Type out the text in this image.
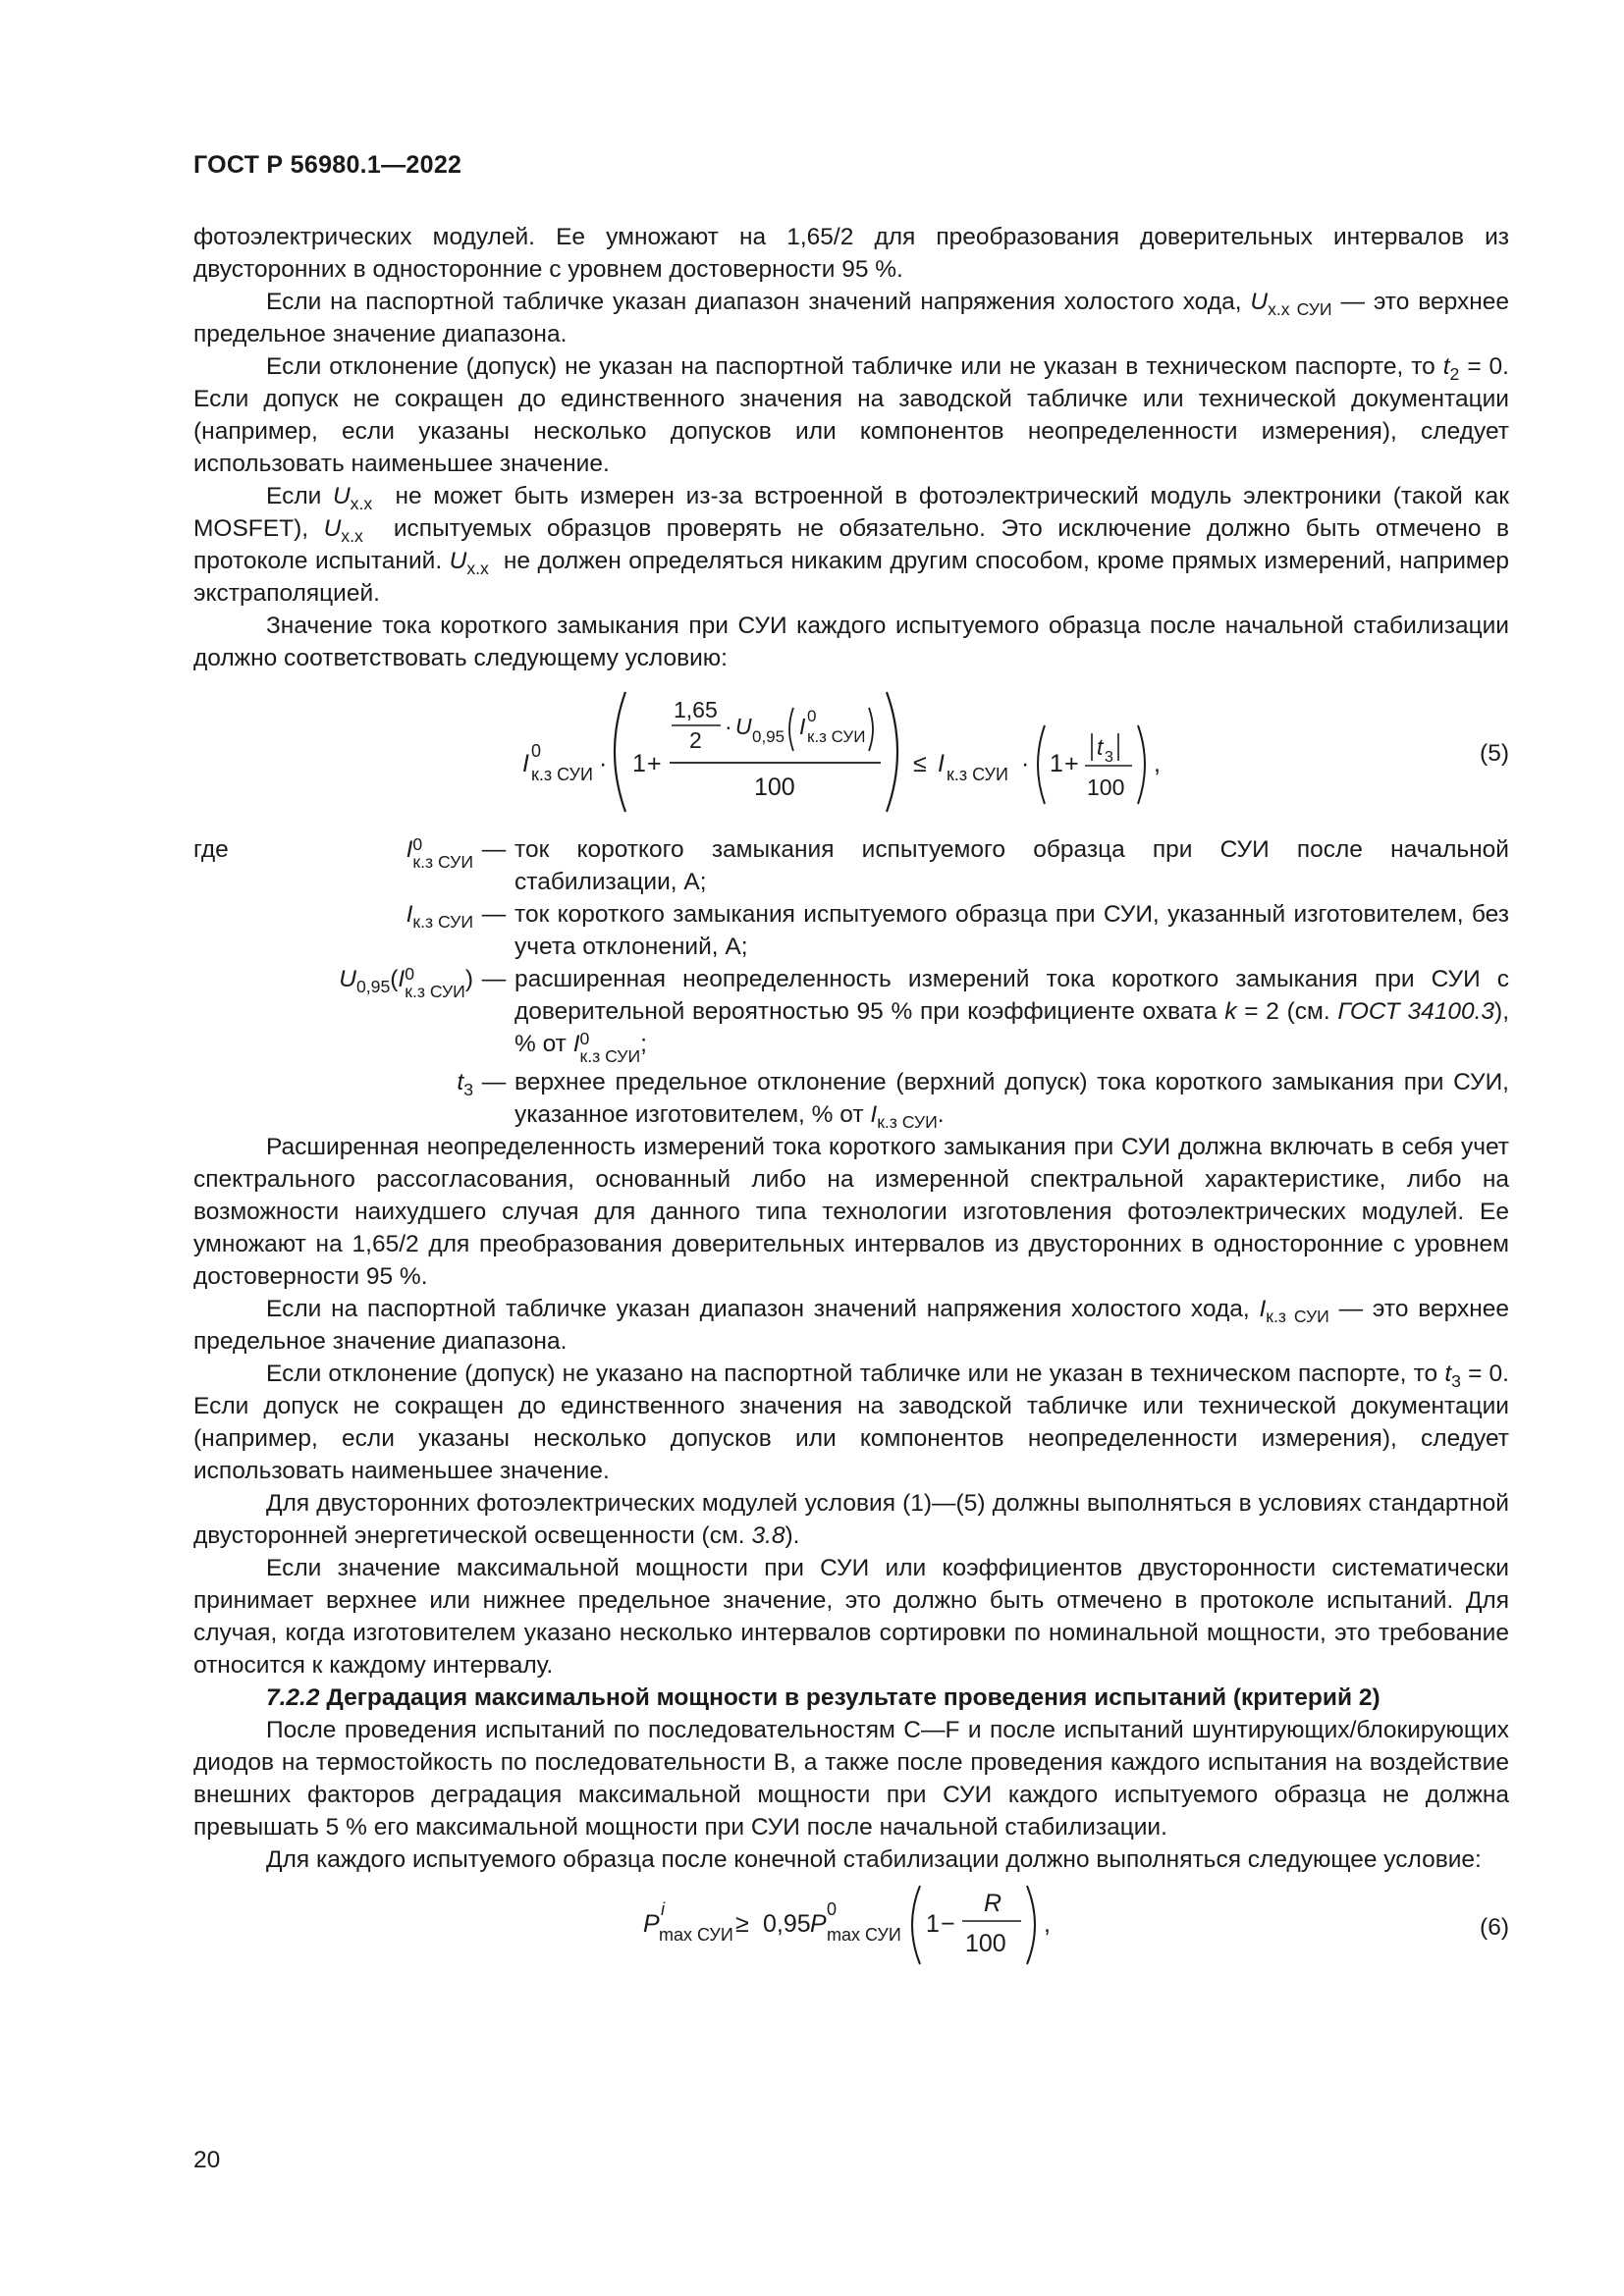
ГОСТ Р 56980.1—2022

фотоэлектрических модулей. Ее умножают на 1,65/2 для преобразования доверительных интервалов из двусторонних в односторонние с уровнем достоверности 95 %.

Если на паспортной табличке указан диапазон значений напряжения холостого хода, $U_{х.х СУИ}$ — это верхнее предельное значение диапазона.

Если отклонение (допуск) не указан на паспортной табличке или не указан в техническом паспорте, то $t_2 = 0$. Если допуск не сокращен до единственного значения на заводской табличке или технической документации (например, если указаны несколько допусков или компонентов неопределенности измерения), следует использовать наименьшее значение.

Если $U_{х.х}$ не может быть измерен из-за встроенной в фотоэлектрический модуль электроники (такой как MOSFET), $U_{х.х}$ испытуемых образцов проверять не обязательно. Это исключение должно быть отмечено в протоколе испытаний. $U_{х.х}$ не должен определяться никаким другим способом, кроме прямых измерений, например экстраполяцией.

Значение тока короткого замыкания при СУИ каждого испытуемого образца после начальной стабилизации должно соответствовать следующему условию:

I 0
к.з СУИ · 1 +
1,65
2
· U 0,95 I 0
к.з СУИ
100
≤ I к.з СУИ · 1 +
t 3
100
,	(5)
где	I 0
к.з СУИ — ток короткого замыкания испытуемого образца при СУИ после начальной стабилизации, А;
$I_{к.з СУИ}$ — ток короткого замыкания испытуемого образца при СУИ, указанный изготовителем, без учета отклонений, А;
$U_{0,95}(I$ 0
к.з СУИ ) — расширенная неопределенность измерений тока короткого замыкания при СУИ с доверительной вероятностью 95 % при коэффициенте охвата k = 2 (см. ГОСТ 34100.3), % от I 0
к.з СУИ ;
$t_3$ — верхнее предельное отклонение (верхний допуск) тока короткого замыкания при СУИ, указанное изготовителем, % от $I_{к.з СУИ}$.

Расширенная неопределенность измерений тока короткого замыкания при СУИ должна включать в себя учет спектрального рассогласования, основанный либо на измеренной спектральной характеристике, либо на возможности наихудшего случая для данного типа технологии изготовления фотоэлектрических модулей. Ее умножают на 1,65/2 для преобразования доверительных интервалов из двусторонних в односторонние с уровнем достоверности 95 %.

Если на паспортной табличке указан диапазон значений напряжения холостого хода, $I_{к.з СУИ}$ — это верхнее предельное значение диапазона.

Если отклонение (допуск) не указано на паспортной табличке или не указан в техническом паспорте, то $t_3 = 0$. Если допуск не сокращен до единственного значения на заводской табличке или технической документации (например, если указаны несколько допусков или компонентов неопределенности измерения), следует использовать наименьшее значение.

Для двусторонних фотоэлектрических модулей условия (1)—(5) должны выполняться в условиях стандартной двусторонней энергетической освещенности (см. 3.8).

Если значение максимальной мощности при СУИ или коэффициентов двусторонности систематически принимает верхнее или нижнее предельное значение, это должно быть отмечено в протоколе испытаний. Для случая, когда изготовителем указано несколько интервалов сортировки по номинальной мощности, это требование относится к каждому интервалу.

7.2.2 Деградация максимальной мощности в результате проведения испытаний (критерий 2)

После проведения испытаний по последовательностям C—F и после испытаний шунтирующих/блокирующих диодов на термостойкость по последовательности B, а также после проведения каждого испытания на воздействие внешних факторов деградация максимальной мощности при СУИ каждого испытуемого образца не должна превышать 5 % его максимальной мощности при СУИ после начальной стабилизации.

Для каждого испытуемого образца после конечной стабилизации должно выполняться следующее условие:

P
i
max СУИ ≥ 0,95 P
0
max СУИ 1 −
R
100
,	(6)
20
